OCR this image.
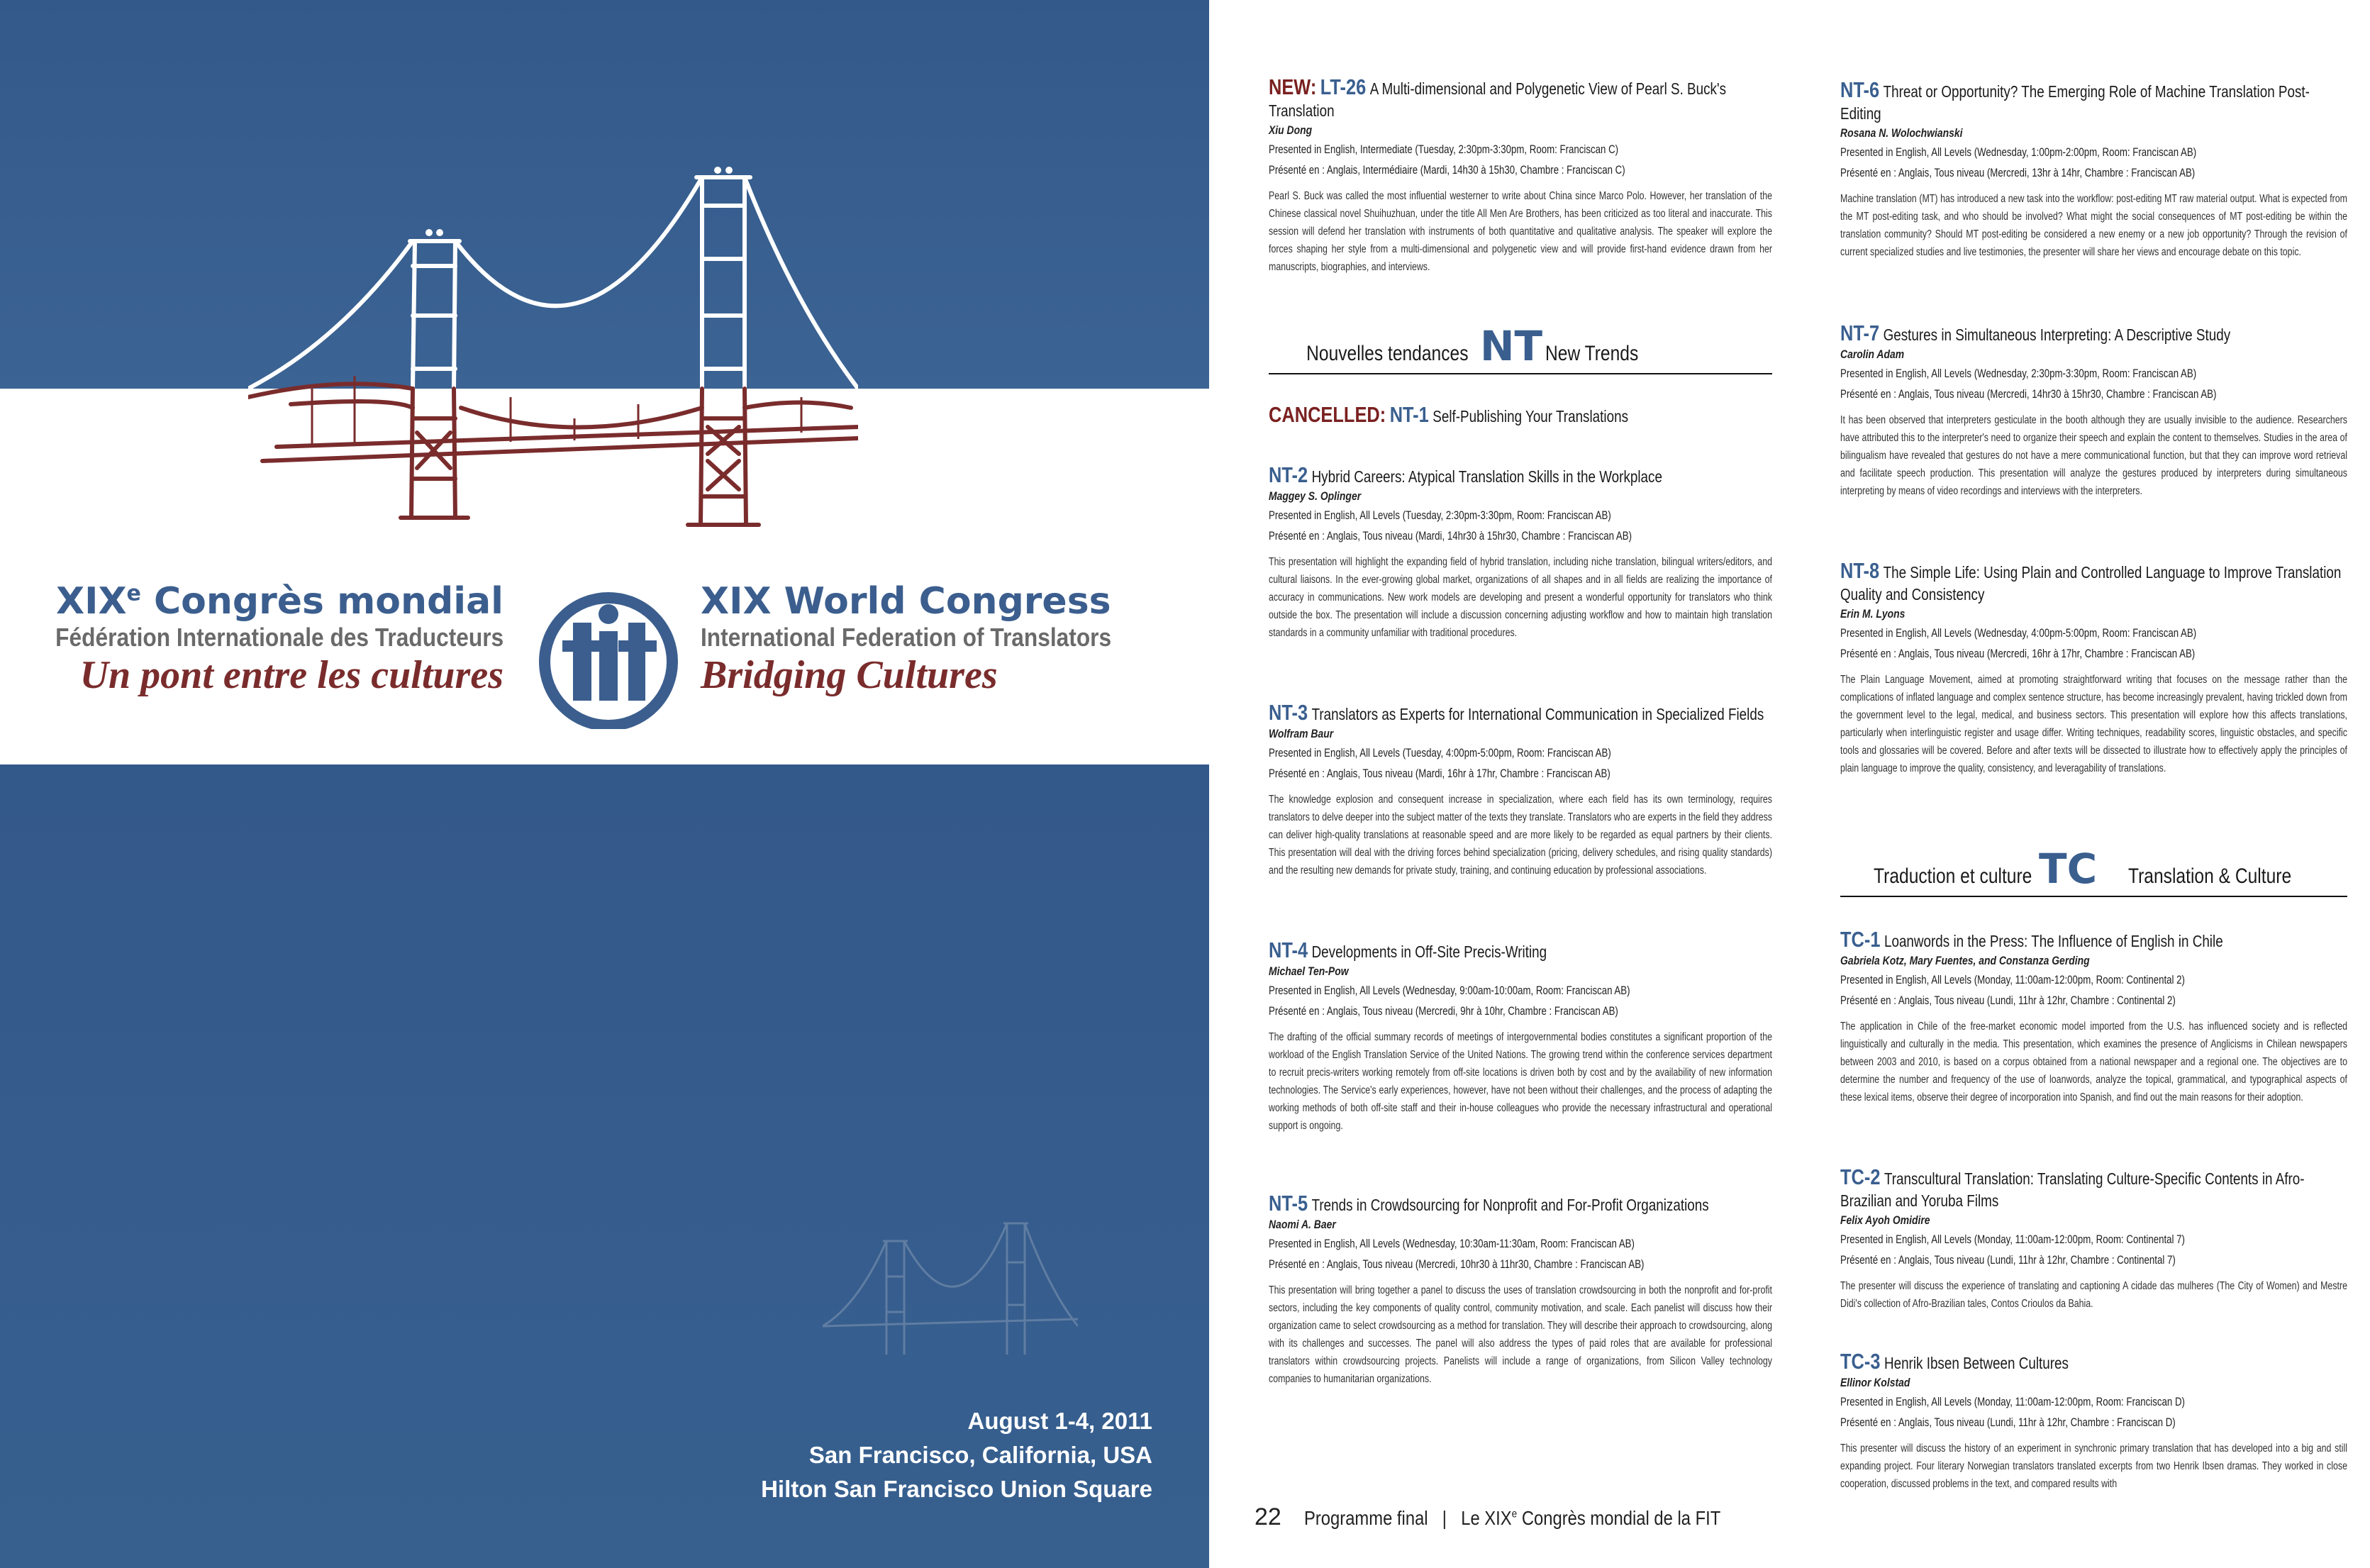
XIXe Congrès mondial
Fédération Internationale des Traducteurs
Un pont entre les cultures
XIX World Congress
International Federation of Translators
Bridging Cultures
August 1-4, 2011
San Francisco, California, USA
Hilton San Francisco Union Square
NEW: LT-26 A Multi-dimensional and Polygenetic View of Pearl S. Buck's Translation
Xiu Dong
Presented in English, Intermediate (Tuesday, 2:30pm-3:30pm, Room: Franciscan C)
Présenté en : Anglais, Intermédiaire (Mardi, 14h30 à 15h30, Chambre : Franciscan C)
Pearl S. Buck was called the most influential westerner to write about China since Marco Polo. However, her translation of the Chinese classical novel Shuihuzhuan, under the title All Men Are Brothers, has been criticized as too literal and inaccurate. This session will defend her translation with instruments of both quantitative and qualitative analysis. The speaker will explore the forces shaping her style from a multi-dimensional and polygenetic view and will provide first-hand evidence drawn from her manuscripts, biographies, and interviews.
Nouvelles tendances NT New Trends
CANCELLED: NT-1 Self-Publishing Your Translations
NT-2 Hybrid Careers: Atypical Translation Skills in the Workplace
Maggey S. Oplinger
Presented in English, All Levels (Tuesday, 2:30pm-3:30pm, Room: Franciscan AB)
Présenté en : Anglais, Tous niveau (Mardi, 14hr30 à 15hr30, Chambre : Franciscan AB)
This presentation will highlight the expanding field of hybrid translation, including niche translation, bilingual writers/editors, and cultural liaisons. In the ever-growing global market, organizations of all shapes and in all fields are realizing the importance of accuracy in communications. New work models are developing and present a wonderful opportunity for translators who think outside the box. The presentation will include a discussion concerning adjusting workflow and how to maintain high translation standards in a community unfamiliar with traditional procedures.
NT-3 Translators as Experts for International Communication in Specialized Fields
Wolfram Baur
Presented in English, All Levels (Tuesday, 4:00pm-5:00pm, Room: Franciscan AB)
Présenté en : Anglais, Tous niveau (Mardi, 16hr à 17hr, Chambre : Franciscan AB)
The knowledge explosion and consequent increase in specialization, where each field has its own terminology, requires translators to delve deeper into the subject matter of the texts they translate. Translators who are experts in the field they address can deliver high-quality translations at reasonable speed and are more likely to be regarded as equal partners by their clients. This presentation will deal with the driving forces behind specialization (pricing, delivery schedules, and rising quality standards) and the resulting new demands for private study, training, and continuing education by professional associations.
NT-4 Developments in Off-Site Precis-Writing
Michael Ten-Pow
Presented in English, All Levels (Wednesday, 9:00am-10:00am, Room: Franciscan AB)
Présenté en : Anglais, Tous niveau (Mercredi, 9hr à 10hr, Chambre : Franciscan AB)
The drafting of the official summary records of meetings of intergovernmental bodies constitutes a significant proportion of the workload of the English Translation Service of the United Nations. The growing trend within the conference services department to recruit precis-writers working remotely from off-site locations is driven both by cost and by the availability of new information technologies. The Service's early experiences, however, have not been without their challenges, and the process of adapting the working methods of both off-site staff and their in-house colleagues who provide the necessary infrastructural and operational support is ongoing.
NT-5 Trends in Crowdsourcing for Nonprofit and For-Profit Organizations
Naomi A. Baer
Presented in English, All Levels (Wednesday, 10:30am-11:30am, Room: Franciscan AB)
Présenté en : Anglais, Tous niveau (Mercredi, 10hr30 à 11hr30, Chambre : Franciscan AB)
This presentation will bring together a panel to discuss the uses of translation crowdsourcing in both the nonprofit and for-profit sectors, including the key components of quality control, community motivation, and scale. Each panelist will discuss how their organization came to select crowdsourcing as a method for translation. They will describe their approach to crowdsourcing, along with its challenges and successes. The panel will also address the types of paid roles that are available for professional translators within crowdsourcing projects. Panelists will include a range of organizations, from Silicon Valley technology companies to humanitarian organizations.
NT-6 Threat or Opportunity? The Emerging Role of Machine Translation Post-Editing
Rosana N. Wolochwianski
Presented in English, All Levels (Wednesday, 1:00pm-2:00pm, Room: Franciscan AB)
Présenté en : Anglais, Tous niveau (Mercredi, 13hr à 14hr, Chambre : Franciscan AB)
Machine translation (MT) has introduced a new task into the workflow: post-editing MT raw material output. What is expected from the MT post-editing task, and who should be involved? What might the social consequences of MT post-editing be within the translation community? Should MT post-editing be considered a new enemy or a new job opportunity? Through the revision of current specialized studies and live testimonies, the presenter will share her views and encourage debate on this topic.
NT-7 Gestures in Simultaneous Interpreting: A Descriptive Study
Carolin Adam
Presented in English, All Levels (Wednesday, 2:30pm-3:30pm, Room: Franciscan AB)
Présenté en : Anglais, Tous niveau (Mercredi, 14hr30 à 15hr30, Chambre : Franciscan AB)
It has been observed that interpreters gesticulate in the booth although they are usually invisible to the audience. Researchers have attributed this to the interpreter's need to organize their speech and explain the content to themselves. Studies in the area of bilingualism have revealed that gestures do not have a mere communicational function, but that they can improve word retrieval and facilitate speech production. This presentation will analyze the gestures produced by interpreters during simultaneous interpreting by means of video recordings and interviews with the interpreters.
NT-8 The Simple Life: Using Plain and Controlled Language to Improve Translation Quality and Consistency
Erin M. Lyons
Presented in English, All Levels (Wednesday, 4:00pm-5:00pm, Room: Franciscan AB)
Présenté en : Anglais, Tous niveau (Mercredi, 16hr à 17hr, Chambre : Franciscan AB)
The Plain Language Movement, aimed at promoting straightforward writing that focuses on the message rather than the complications of inflated language and complex sentence structure, has become increasingly prevalent, having trickled down from the government level to the legal, medical, and business sectors. This presentation will explore how this affects translations, particularly when interlinguistic register and usage differ. Writing techniques, readability scores, linguistic obstacles, and specific tools and glossaries will be covered. Before and after texts will be dissected to illustrate how to effectively apply the principles of plain language to improve the quality, consistency, and leveragability of translations.
Traduction et culture TC Translation & Culture
TC-1 Loanwords in the Press: The Influence of English in Chile
Gabriela Kotz, Mary Fuentes, and Constanza Gerding
Presented in English, All Levels (Monday, 11:00am-12:00pm, Room: Continental 2)
Présenté en : Anglais, Tous niveau (Lundi, 11hr à 12hr, Chambre : Continental 2)
The application in Chile of the free-market economic model imported from the U.S. has influenced society and is reflected linguistically and culturally in the media. This presentation, which examines the presence of Anglicisms in Chilean newspapers between 2003 and 2010, is based on a corpus obtained from a national newspaper and a regional one. The objectives are to determine the number and frequency of the use of loanwords, analyze the topical, grammatical, and typographical aspects of these lexical items, observe their degree of incorporation into Spanish, and find out the main reasons for their adoption.
TC-2 Transcultural Translation: Translating Culture-Specific Contents in Afro-Brazilian and Yoruba Films
Felix Ayoh Omidire
Presented in English, All Levels (Monday, 11:00am-12:00pm, Room: Continental 7)
Présenté en : Anglais, Tous niveau (Lundi, 11hr à 12hr, Chambre : Continental 7)
The presenter will discuss the experience of translating and captioning A cidade das mulheres (The City of Women) and Mestre Didi's collection of Afro-Brazilian tales, Contos Crioulos da Bahia.
TC-3 Henrik Ibsen Between Cultures
Ellinor Kolstad
Presented in English, All Levels (Monday, 11:00am-12:00pm, Room: Franciscan D)
Présenté en : Anglais, Tous niveau (Lundi, 11hr à 12hr, Chambre : Franciscan D)
This presenter will discuss the history of an experiment in synchronic primary translation that has developed into a big and still expanding project. Four literary Norwegian translators translated excerpts from two Henrik Ibsen dramas. They worked in close cooperation, discussed problems in the text, and compared results with
22 Programme final | Le XIXe Congrès mondial de la FIT
